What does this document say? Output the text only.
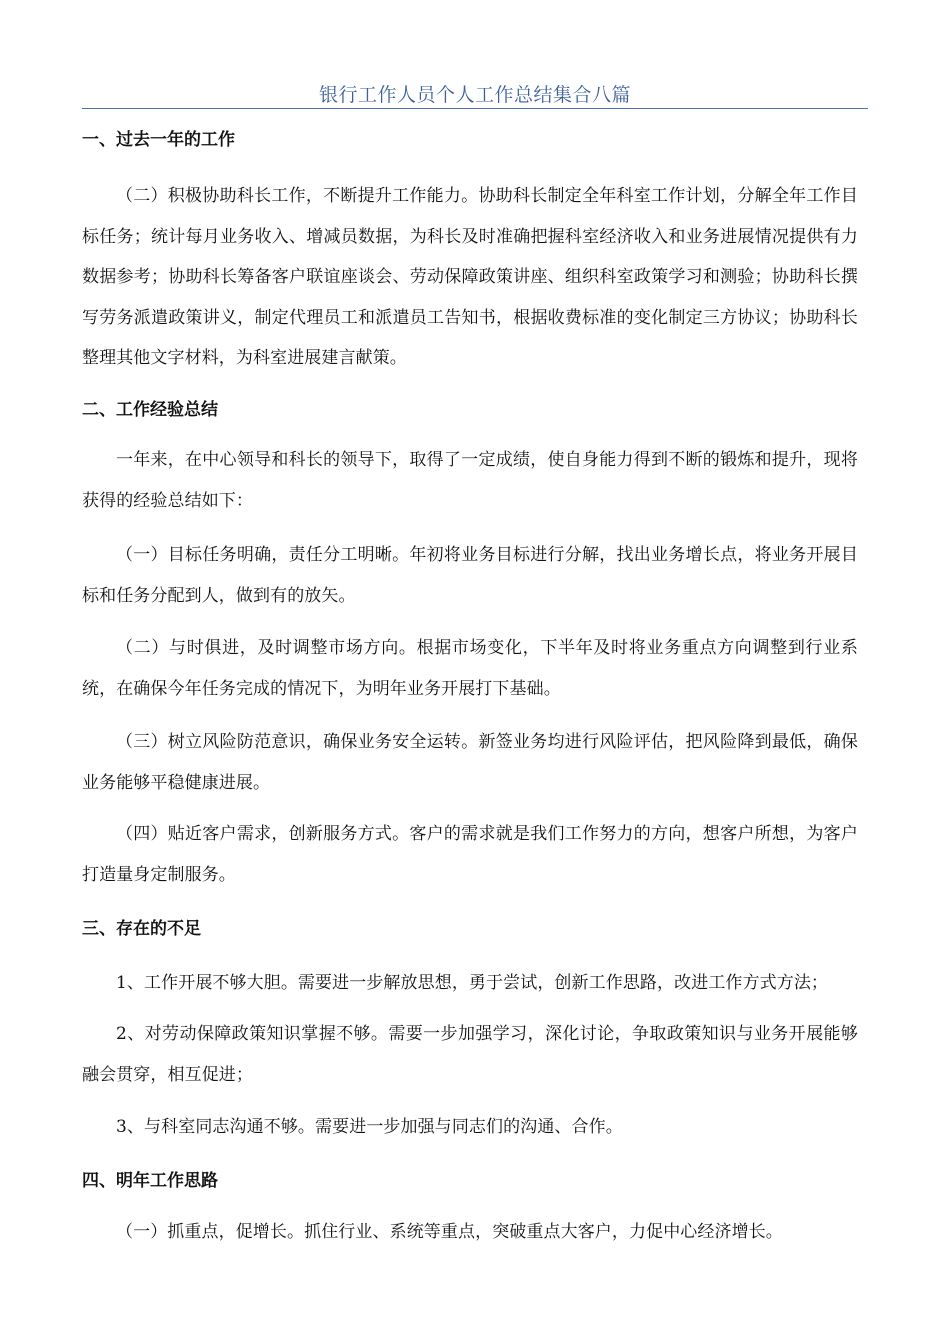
银行工作人员个人工作总结集合八篇
一、过去一年的工作
（二）积极协助科长工作，不断提升工作能力。协助科长制定全年科室工作计划，分解全年工作目标任务；统计每月业务收入、增减员数据，为科长及时准确把握科室经济收入和业务进展情况提供有力数据参考；协助科长筹备客户联谊座谈会、劳动保障政策讲座、组织科室政策学习和测验；协助科长撰写劳务派遣政策讲义，制定代理员工和派遣员工告知书，根据收费标准的变化制定三方协议；协助科长整理其他文字材料，为科室进展建言献策。
二、工作经验总结
一年来，在中心领导和科长的领导下，取得了一定成绩，使自身能力得到不断的锻炼和提升，现将获得的经验总结如下：
（一）目标任务明确，责任分工明晰。年初将业务目标进行分解，找出业务增长点，将业务开展目标和任务分配到人，做到有的放矢。
（二）与时俱进，及时调整市场方向。根据市场变化，下半年及时将业务重点方向调整到行业系统，在确保今年任务完成的情况下，为明年业务开展打下基础。
（三）树立风险防范意识，确保业务安全运转。新签业务均进行风险评估，把风险降到最低，确保业务能够平稳健康进展。
（四）贴近客户需求，创新服务方式。客户的需求就是我们工作努力的方向，想客户所想，为客户打造量身定制服务。
三、存在的不足
1、工作开展不够大胆。需要进一步解放思想，勇于尝试，创新工作思路，改进工作方式方法；
2、对劳动保障政策知识掌握不够。需要一步加强学习，深化讨论，争取政策知识与业务开展能够融会贯穿，相互促进；
3、与科室同志沟通不够。需要进一步加强与同志们的沟通、合作。
四、明年工作思路
（一）抓重点，促增长。抓住行业、系统等重点，突破重点大客户，力促中心经济增长。
